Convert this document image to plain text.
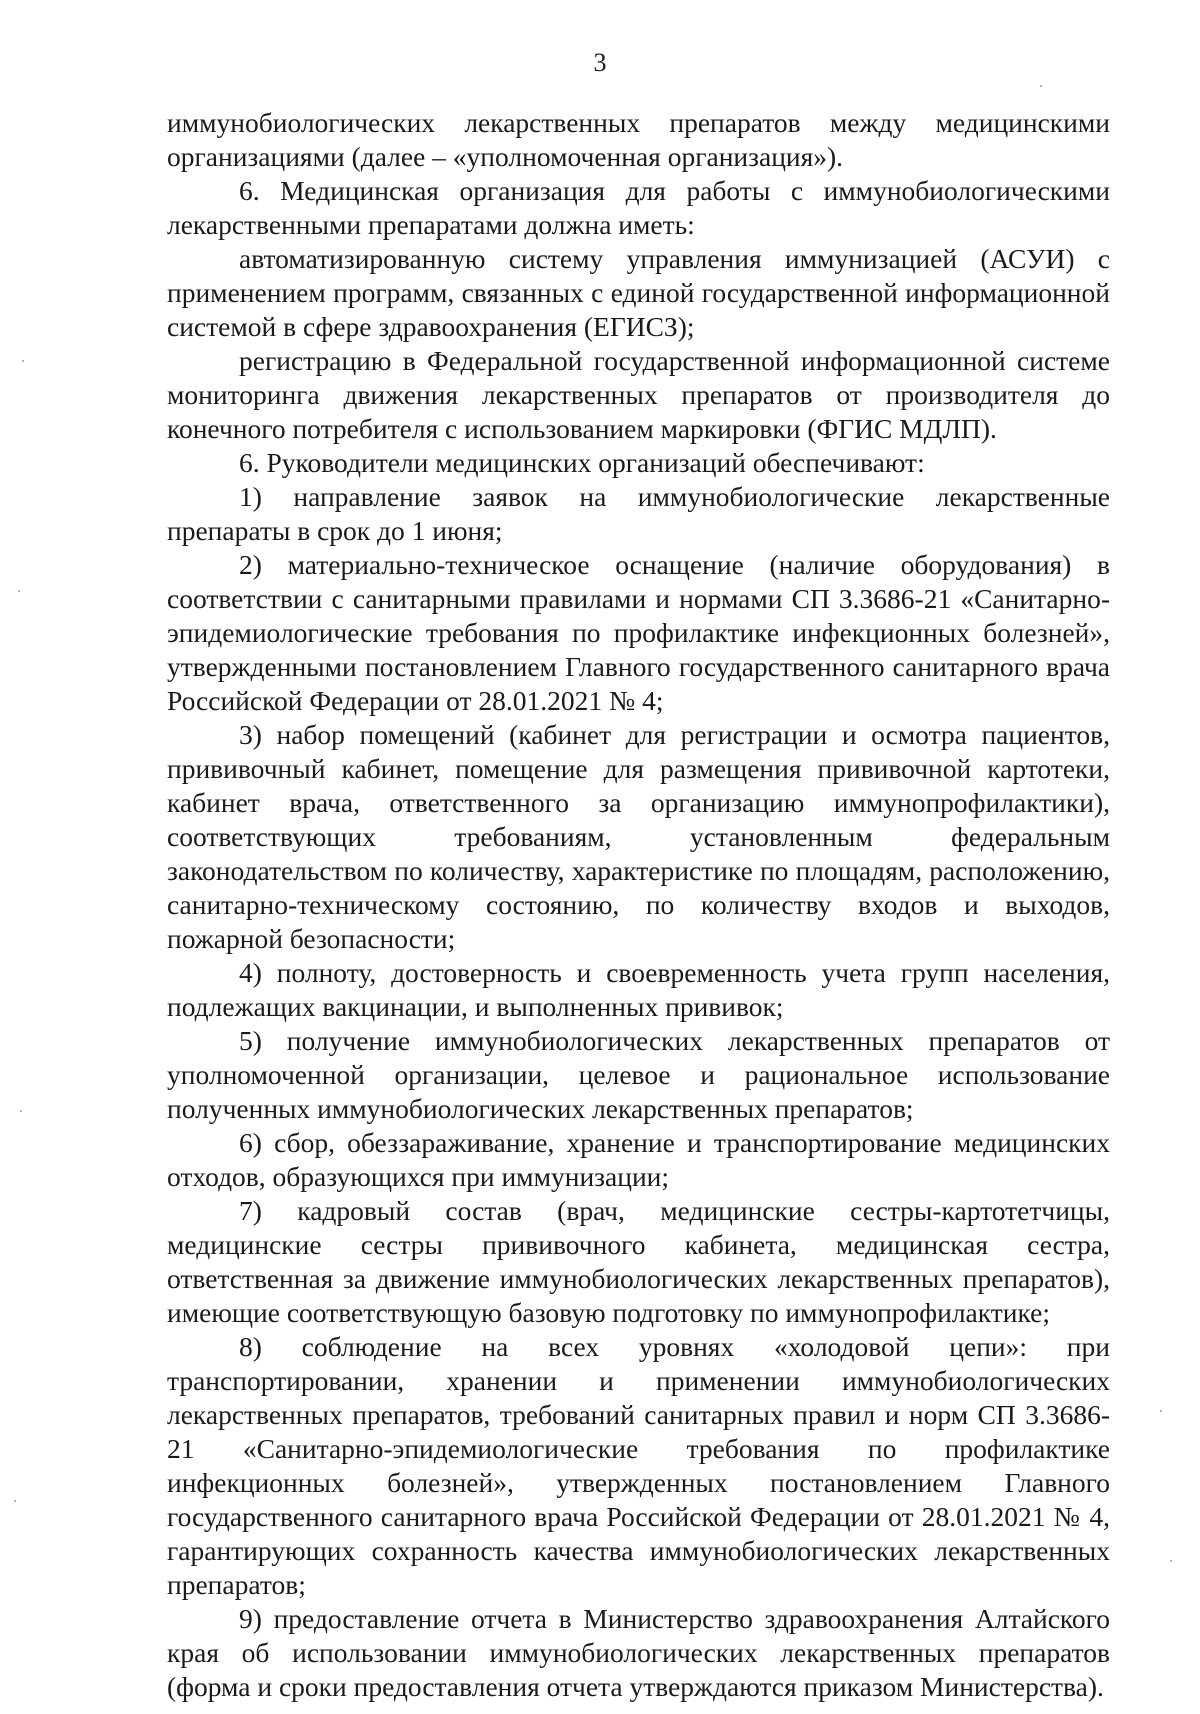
3

иммунобиологических лекарственных препаратов между медицинскими организациями (далее – «уполномоченная организация»).

6. Медицинская организация для работы с иммунобиологическими лекарственными препаратами должна иметь:

автоматизированную систему управления иммунизацией (АСУИ) с применением программ, связанных с единой государственной информационной системой в сфере здравоохранения (ЕГИСЗ);

регистрацию в Федеральной государственной информационной системе мониторинга движения лекарственных препаратов от производителя до конечного потребителя с использованием маркировки (ФГИС МДЛП).

6. Руководители медицинских организаций обеспечивают:

1) направление заявок на иммунобиологические лекарственные препараты в срок до 1 июня;

2) материально-техническое оснащение (наличие оборудования) в соответствии с санитарными правилами и нормами СП 3.3686-21 «Санитарно-эпидемиологические требования по профилактике инфекционных болезней», утвержденными постановлением Главного государственного санитарного врача Российской Федерации от 28.01.2021 № 4;

3) набор помещений (кабинет для регистрации и осмотра пациентов, прививочный кабинет, помещение для размещения прививочной картотеки, кабинет врача, ответственного за организацию иммунопрофилактики), соответствующих требованиям, установленным федеральным законодательством по количеству, характеристике по площадям, расположению, санитарно-техническому состоянию, по количеству входов и выходов, пожарной безопасности;

4) полноту, достоверность и своевременность учета групп населения, подлежащих вакцинации, и выполненных прививок;

5) получение иммунобиологических лекарственных препаратов от уполномоченной организации, целевое и рациональное использование полученных иммунобиологических лекарственных препаратов;

6) сбор, обеззараживание, хранение и транспортирование медицинских отходов, образующихся при иммунизации;

7) кадровый состав (врач, медицинские сестры-картотетчицы, медицинские сестры прививочного кабинета, медицинская сестра, ответственная за движение иммунобиологических лекарственных препаратов), имеющие соответствующую базовую подготовку по иммунопрофилактике;

8) соблюдение на всех уровнях «холодовой цепи»: при транспортировании, хранении и применении иммунобиологических лекарственных препаратов, требований санитарных правил и норм СП 3.3686-21 «Санитарно-эпидемиологические требования по профилактике инфекционных болезней», утвержденных постановлением Главного государственного санитарного врача Российской Федерации от 28.01.2021 № 4, гарантирующих сохранность качества иммунобиологических лекарственных препаратов;

9) предоставление отчета в Министерство здравоохранения Алтайского края об использовании иммунобиологических лекарственных препаратов (форма и сроки предоставления отчета утверждаются приказом Министерства).
